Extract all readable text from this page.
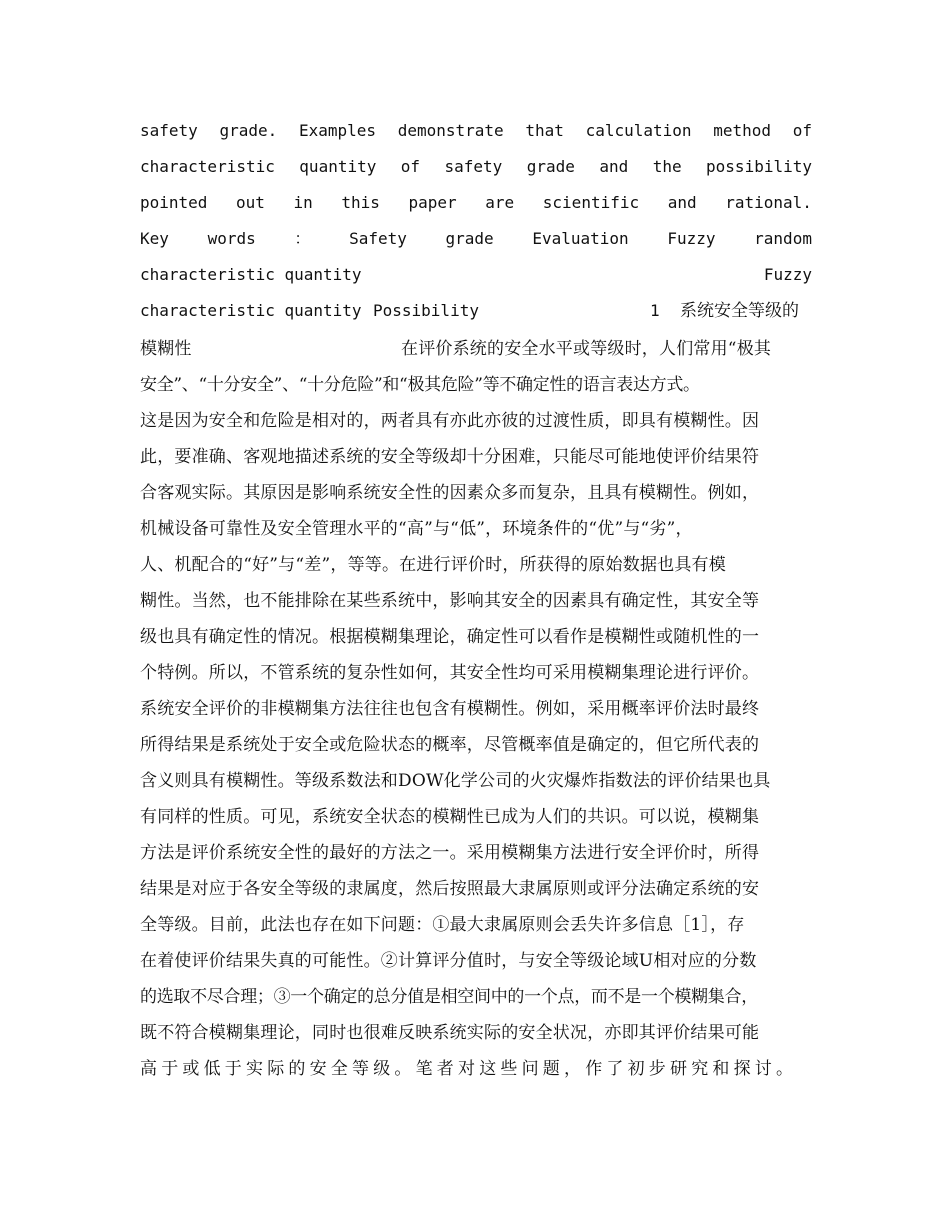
safety grade. Examples demonstrate that calculation method of
characteristic quantity of safety grade and the possibility
pointed out in this paper are scientific and rational.
Key words ： Safety grade Evaluation Fuzzy random
characteristic quantity	Fuzzy
characteristic quantity Possibility	1 系统安全等级的
模糊性	在评价系统的安全水平或等级时，人们常用“极其
安全”、“十分安全”、“十分危险”和“极其危险”等不确定性的语言表达方式。
这是因为安全和危险是相对的，两者具有亦此亦彼的过渡性质，即具有模糊性。因
此，要准确、客观地描述系统的安全等级却十分困难，只能尽可能地使评价结果符
合客观实际。其原因是影响系统安全性的因素众多而复杂，且具有模糊性。例如，
机械设备可靠性及安全管理水平的“高”与“低”，环境条件的“优”与“劣”，
人、机配合的“好”与“差”，等等。在进行评价时，所获得的原始数据也具有模
糊性。当然，也不能排除在某些系统中，影响其安全的因素具有确定性，其安全等
级也具有确定性的情况。根据模糊集理论，确定性可以看作是模糊性或随机性的一
个特例。所以，不管系统的复杂性如何，其安全性均可采用模糊集理论进行评价。
系统安全评价的非模糊集方法往往也包含有模糊性。例如，采用概率评价法时最终
所得结果是系统处于安全或危险状态的概率，尽管概率值是确定的，但它所代表的
含义则具有模糊性。等级系数法和DOW化学公司的火灾爆炸指数法的评价结果也具
有同样的性质。可见，系统安全状态的模糊性已成为人们的共识。可以说，模糊集
方法是评价系统安全性的最好的方法之一。采用模糊集方法进行安全评价时，所得
结果是对应于各安全等级的隶属度，然后按照最大隶属原则或评分法确定系统的安
全等级。目前，此法也存在如下问题：①最大隶属原则会丢失许多信息［1］，存
在着使评价结果失真的可能性。②计算评分值时，与安全等级论域U相对应的分数
的选取不尽合理；③一个确定的总分值是相空间中的一个点，而不是一个模糊集合，
既不符合模糊集理论，同时也很难反映系统实际的安全状况，亦即其评价结果可能
高于或低于实际的安全等级。笔者对这些问题，作了初步研究和探讨。
